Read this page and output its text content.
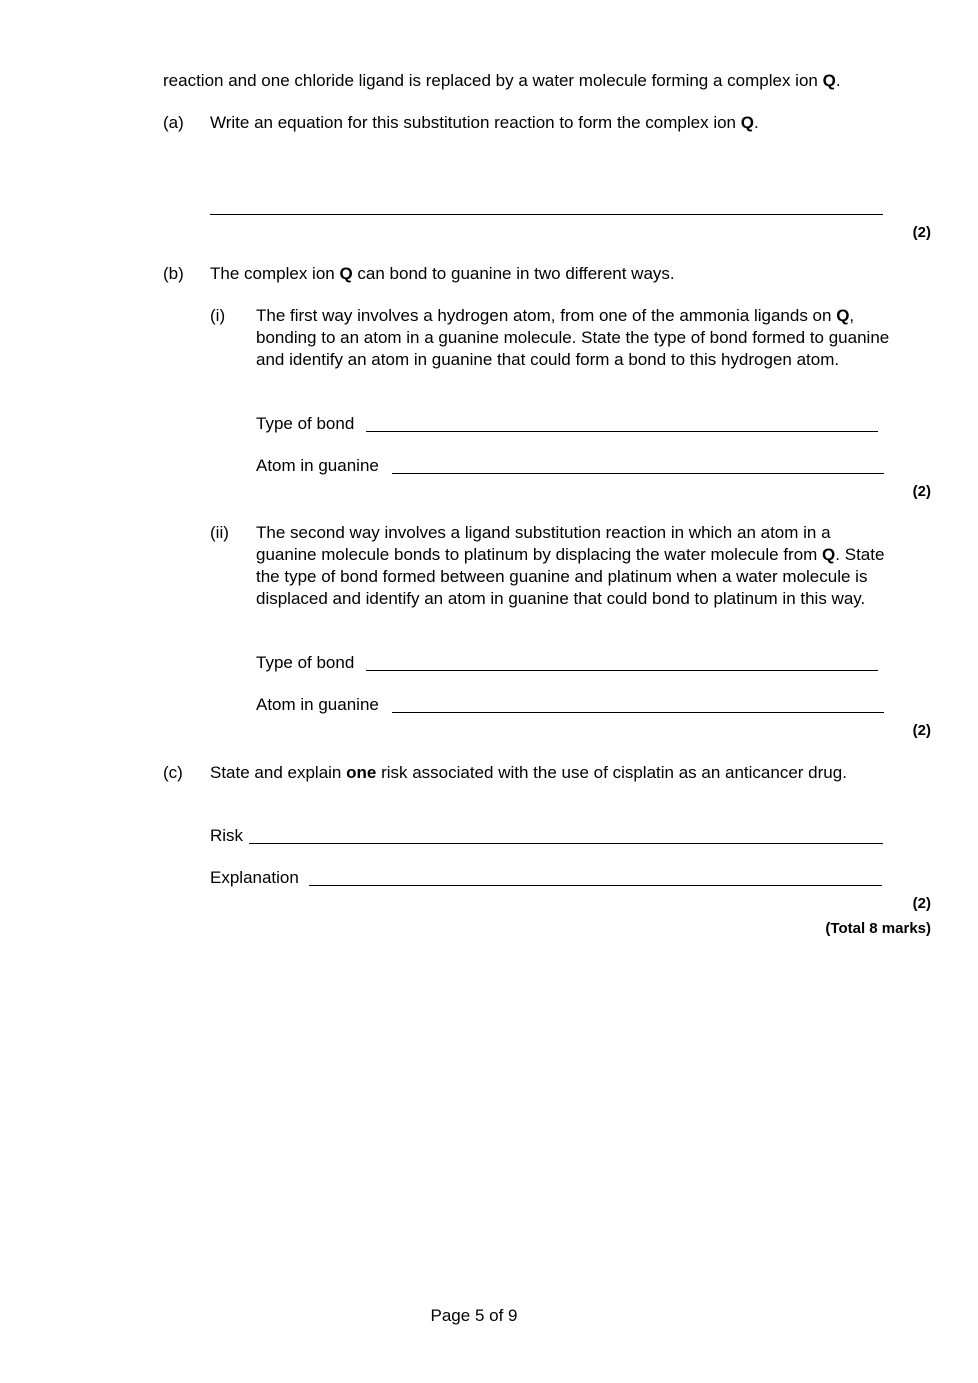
reaction and one chloride ligand is replaced by a water molecule forming a complex ion Q.
(a) Write an equation for this substitution reaction to form the complex ion Q.
(2)
(b) The complex ion Q can bond to guanine in two different ways.
(i) The first way involves a hydrogen atom, from one of the ammonia ligands on Q, bonding to an atom in a guanine molecule. State the type of bond formed to guanine and identify an atom in guanine that could form a bond to this hydrogen atom.
Type of bond
Atom in guanine
(2)
(ii) The second way involves a ligand substitution reaction in which an atom in a guanine molecule bonds to platinum by displacing the water molecule from Q. State the type of bond formed between guanine and platinum when a water molecule is displaced and identify an atom in guanine that could bond to platinum in this way.
Type of bond
Atom in guanine
(2)
(c) State and explain one risk associated with the use of cisplatin as an anticancer drug.
Risk
Explanation
(2)
(Total 8 marks)
Page 5 of 9
